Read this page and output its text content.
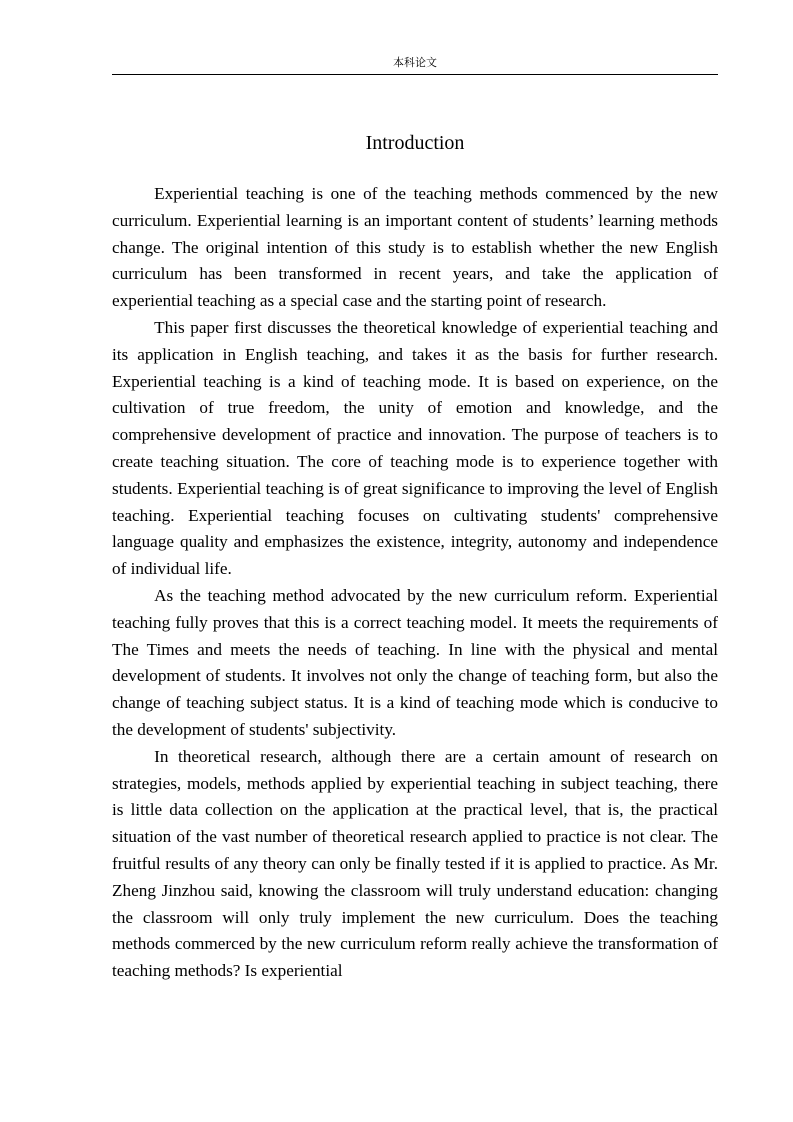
本科论文
Introduction

Experiential teaching is one of the teaching methods commenced by the new curriculum. Experiential learning is an important content of students’ learning methods change. The original intention of this study is to establish whether the new English curriculum has been transformed in recent years, and take the application of experiential teaching as a special case and the starting point of research.

This paper first discusses the theoretical knowledge of experiential teaching and its application in English teaching, and takes it as the basis for further research. Experiential teaching is a kind of teaching mode. It is based on experience, on the cultivation of true freedom, the unity of emotion and knowledge, and the comprehensive development of practice and innovation. The purpose of teachers is to create teaching situation. The core of teaching mode is to experience together with students. Experiential teaching is of great significance to improving the level of English teaching. Experiential teaching focuses on cultivating students' comprehensive language quality and emphasizes the existence, integrity, autonomy and independence of individual life.

As the teaching method advocated by the new curriculum reform. Experiential teaching fully proves that this is a correct teaching model. It meets the requirements of The Times and meets the needs of teaching. In line with the physical and mental development of students. It involves not only the change of teaching form, but also the change of teaching subject status. It is a kind of teaching mode which is conducive to the development of students' subjectivity.

In theoretical research, although there are a certain amount of research on strategies, models, methods applied by experiential teaching in subject teaching, there is little data collection on the application at the practical level, that is, the practical situation of the vast number of theoretical research applied to practice is not clear. The fruitful results of any theory can only be finally tested if it is applied to practice. As Mr. Zheng Jinzhou said, knowing the classroom will truly understand education: changing the classroom will only truly implement the new curriculum. Does the teaching methods commerced by the new curriculum reform really achieve the transformation of teaching methods? Is experiential
